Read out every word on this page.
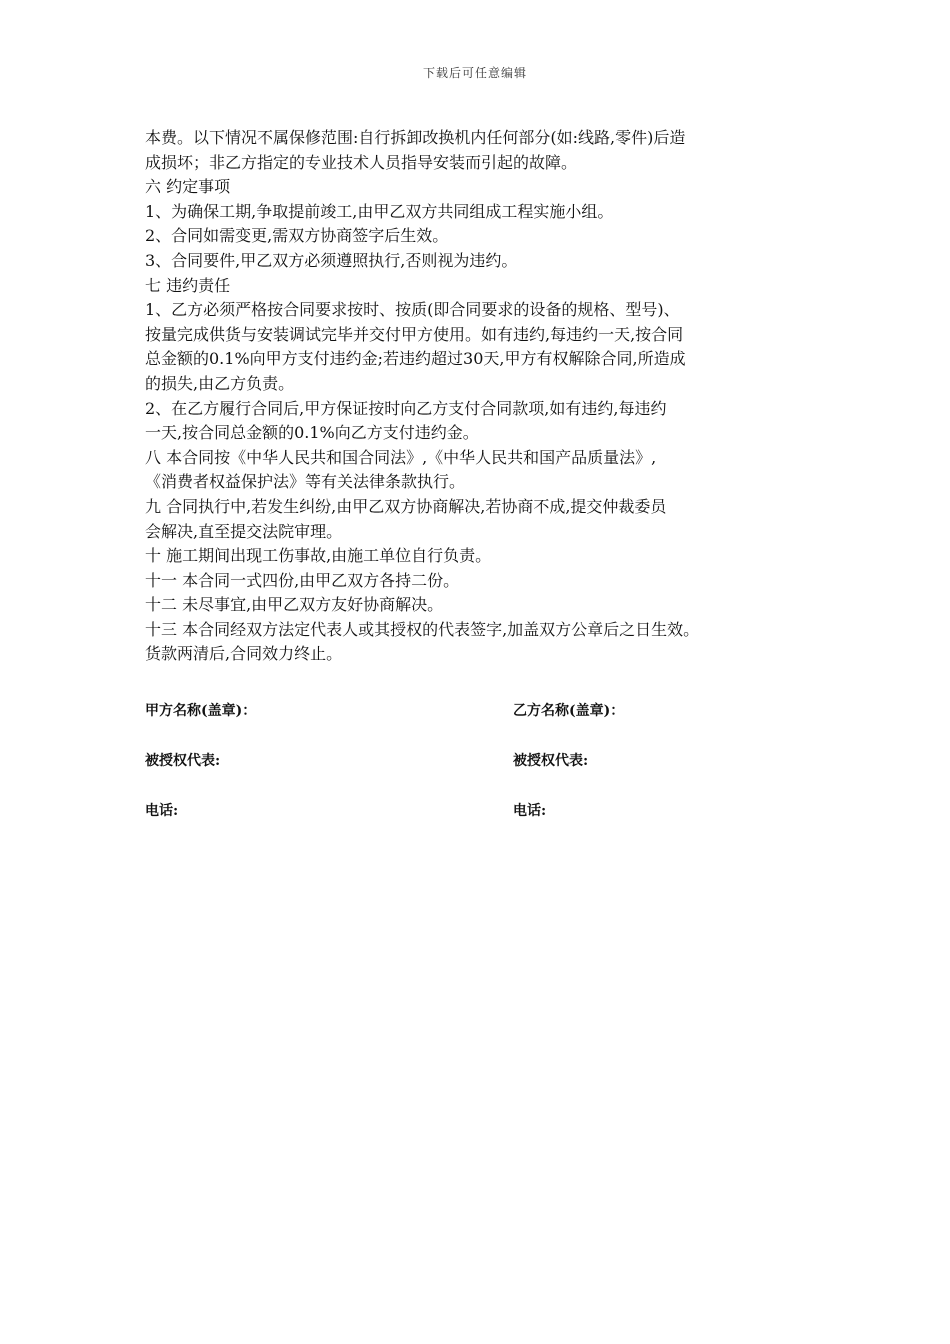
下载后可任意编辑
本费。以下情况不属保修范围:自行拆卸改换机内任何部分(如:线路,零件)后造
成损坏；非乙方指定的专业技术人员指导安装而引起的故障。
六 约定事项
1、为确保工期,争取提前竣工,由甲乙双方共同组成工程实施小组。
2、合同如需变更,需双方协商签字后生效。
3、合同要件,甲乙双方必须遵照执行,否则视为违约。
七 违约责任
1、乙方必须严格按合同要求按时、按质(即合同要求的设备的规格、型号)、
按量完成供货与安装调试完毕并交付甲方使用。如有违约,每违约一天,按合同
总金额的0.1%向甲方支付违约金;若违约超过30天,甲方有权解除合同,所造成
的损失,由乙方负责。
2、在乙方履行合同后,甲方保证按时向乙方支付合同款项,如有违约,每违约
一天,按合同总金额的0.1%向乙方支付违约金。
八 本合同按《中华人民共和国合同法》,《中华人民共和国产品质量法》,
《消费者权益保护法》等有关法律条款执行。
九 合同执行中,若发生纠纷,由甲乙双方协商解决,若协商不成,提交仲裁委员
会解决,直至提交法院审理。
十 施工期间出现工伤事故,由施工单位自行负责。
十一 本合同一式四份,由甲乙双方各持二份。
十二 未尽事宜,由甲乙双方友好协商解决。
十三 本合同经双方法定代表人或其授权的代表签字,加盖双方公章后之日生效。
货款两清后,合同效力终止。
甲方名称(盖章)：	乙方名称(盖章)：
被授权代表:	被授权代表:
电话:	电话:
